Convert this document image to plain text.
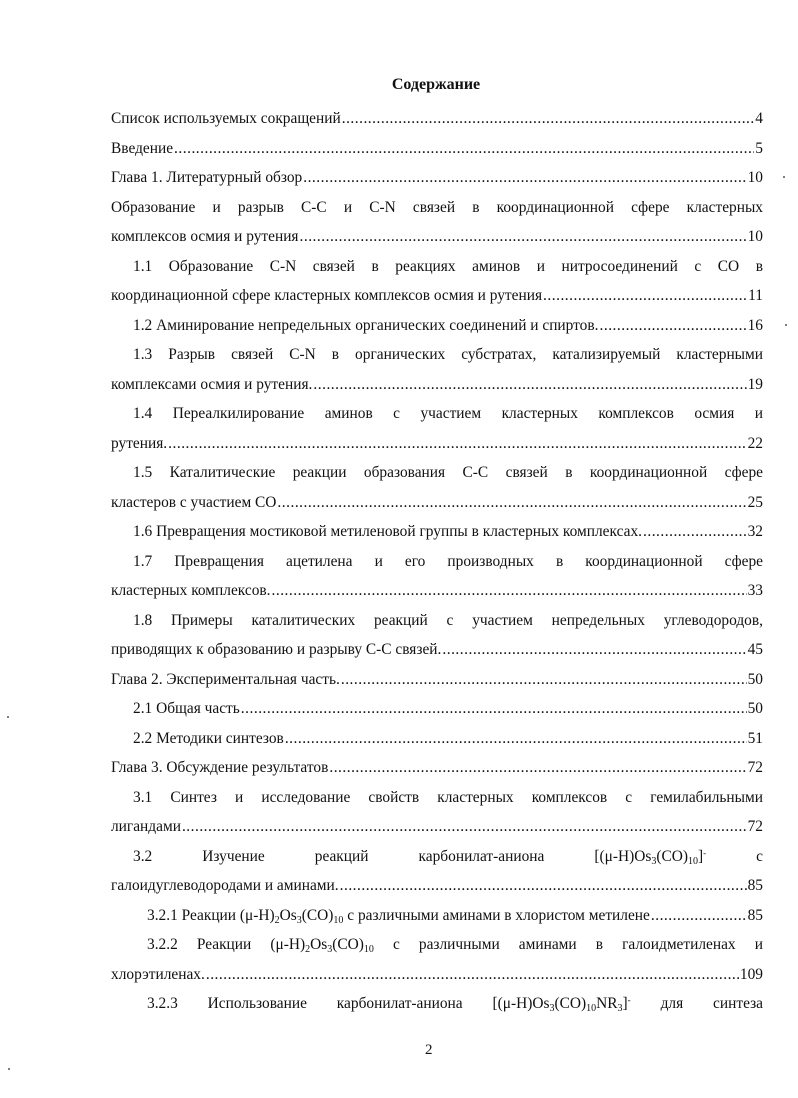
Содержание
Список используемых сокращений .....	4
Введение .....	5
Глава 1. Литературный обзор .....	10
Образование и разрыв С-С и С-N связей в координационной сфере кластерных
комплексов осмия и рутения .....	10
1.1 Образование С-N связей в реакциях аминов и нитросоединений с СО в
координационной сфере кластерных комплексов осмия и рутения .....	11
1.2 Аминирование непредельных органических соединений и спиртов. .....	16
1.3 Разрыв связей С-N в органических субстратах, катализируемый кластерными
комплексами осмия и рутения. .....	19
1.4 Переалкилирование аминов с участием кластерных комплексов осмия и
рутения. .....	22
1.5 Каталитические реакции образования С-С связей в координационной сфере
кластеров с участием СО .....	25
1.6 Превращения мостиковой метиленовой группы в кластерных комплексах. .....	32
1.7 Превращения ацетилена и его производных в координационной сфере
кластерных комплексов. .....	33
1.8 Примеры каталитических реакций с участием непредельных углеводородов,
приводящих к образованию и разрыву С-С связей. .....	45
Глава 2. Экспериментальная часть. .....	50
2.1 Общая часть .....	50
2.2 Методики синтезов .....	51
Глава 3. Обсуждение результатов .....	72
3.1 Синтез и исследование свойств кластерных комплексов с гемилабильными
лигандами .....	72
3.2	Изучение	реакций	карбонилат-аниона	$[(\mu-H)Os_3(CO)_{10}]^-$	с
галоидуглеводородами и аминами. .....	85
3.2.1 Реакции $(\mu-H)_2Os_3(CO)_{10}$ с различными аминами в хлористом метилене .....	85
3.2.2 Реакции $(\mu-H)_2Os_3(CO)_{10}$ с различными аминами в галоидметиленах и
хлорэтиленах. .....	109
3.2.3 Использование карбонилат-аниона $[(\mu-H)Os_3(CO)_{10}NR_3]^-$ для синтеза
2
